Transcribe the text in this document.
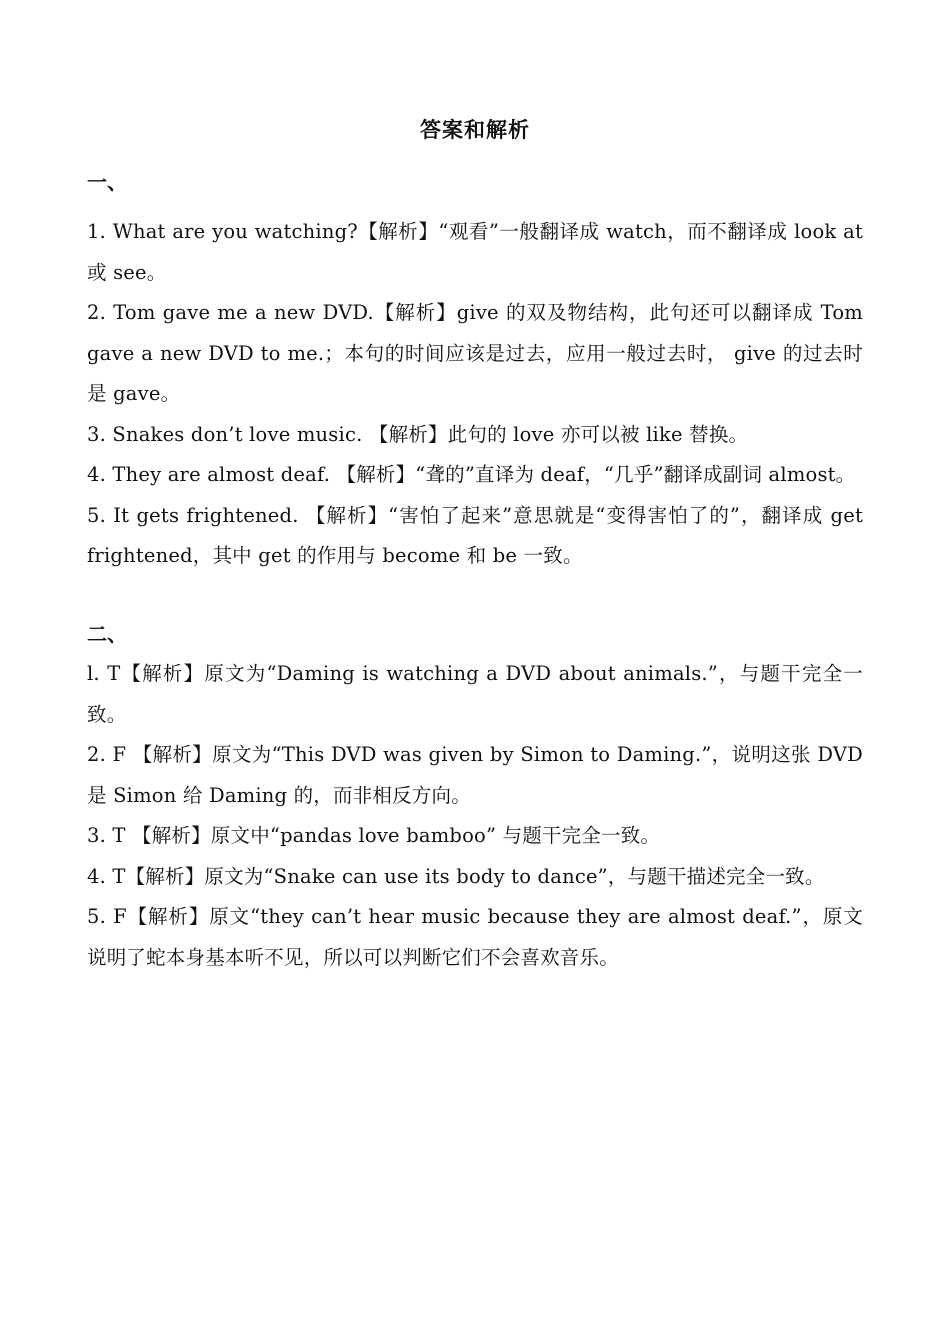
答案和解析
一、
1. What are you watching?【解析】“观看”一般翻译成 watch，而不翻译成 look at 或 see。
2. Tom gave me a new DVD.【解析】give 的双及物结构，此句还可以翻译成 Tom gave a new DVD to me.；本句的时间应该是过去，应用一般过去时， give 的过去时是 gave。
3. Snakes don’t love music. 【解析】此句的 love 亦可以被 like 替换。
4. They are almost deaf. 【解析】“聋的”直译为 deaf，“几乎”翻译成副词 almost。
5. It gets frightened. 【解析】“害怕了起来”意思就是“变得害怕了的”，翻译成 get frightened，其中 get 的作用与 become 和 be 一致。
二、
l. T【解析】原文为“Daming is watching a DVD about animals.”，与题干完全一致。
2. F 【解析】原文为“This DVD was given by Simon to Daming.”，说明这张 DVD 是 Simon 给 Daming 的，而非相反方向。
3. T 【解析】原文中“pandas love bamboo” 与题干完全一致。
4. T【解析】原文为“Snake can use its body to dance”，与题干描述完全一致。
5. F【解析】原文“they can’t hear music because they are almost deaf.”，原文说明了蛇本身基本听不见，所以可以判断它们不会喜欢音乐。
